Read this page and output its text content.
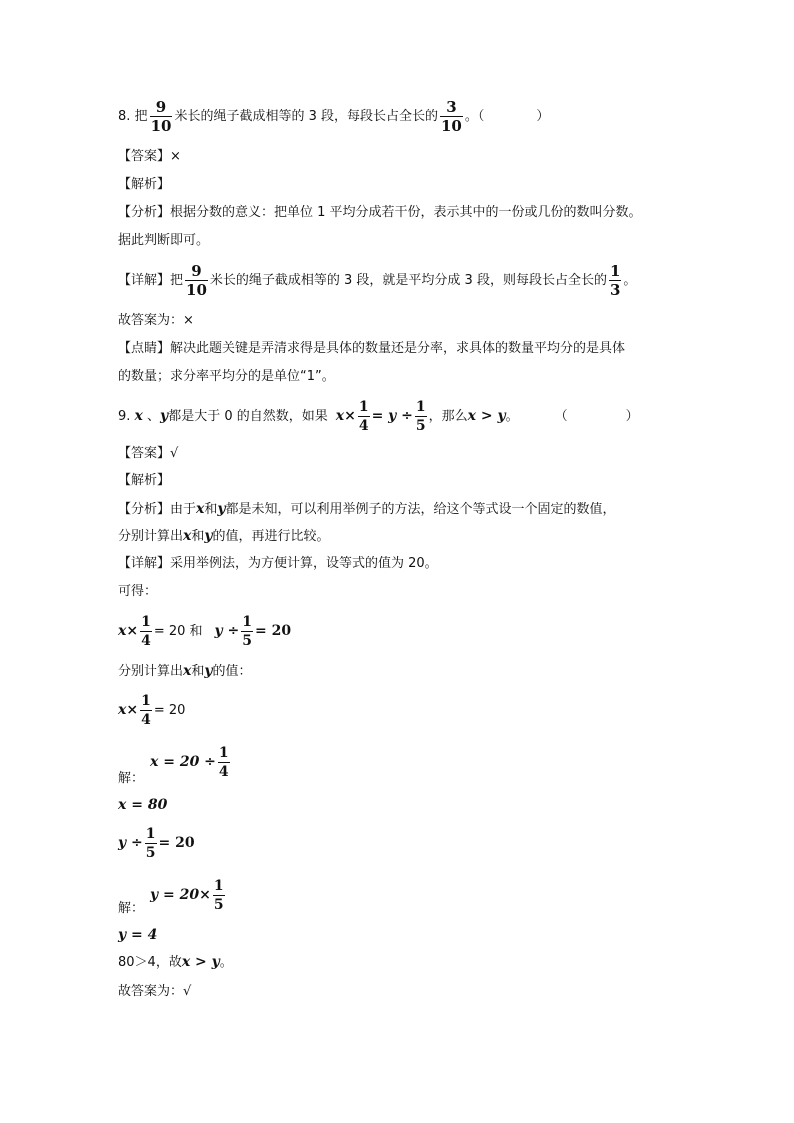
8. 把 $\frac{9}{10}$ 米长的绳子截成相等的 3 段，每段长占全长的 $\frac{3}{10}$ 。（	）
【答案】×
【解析】
【分析】根据分数的意义：把单位 1 平均分成若干份，表示其中的一份或几份的数叫分数。
据此判断即可。
【详解】把 $\frac{9}{10}$ 米长的绳子截成相等的 3 段，就是平均分成 3 段，则每段长占全长的 $\frac{1}{3}$ 。
故答案为：×
【点睛】解决此题关键是弄清求得是具体的数量还是分率，求具体的数量平均分的是具体
的数量；求分率平均分的是单位“1”。
9. x 、y都是大于 0 的自然数，如果 $x\times \frac{1}{4} = y \div \frac{1}{5}$ ，那么x > y。	（	）
【答案】√
【解析】
【分析】由于x和y都是未知，可以利用举例子的方法，给这个等式设一个固定的数值，
分别计算出x和y的值，再进行比较。
【详解】采用举例法，为方便计算，设等式的值为 20。
可得：
$x\times \frac{1}{4} = 20$ 和 $y \div \frac{1}{5} = 20$
分别计算出x和y的值：
$x\times \frac{1}{4} = 20$
$x = 20 \div \frac{1}{4}$
解：
x = 80
$y \div \frac{1}{5} = 20$
$y = 20\times \frac{1}{5}$
解：
y = 4
80＞4，故x > y。
故答案为：√
